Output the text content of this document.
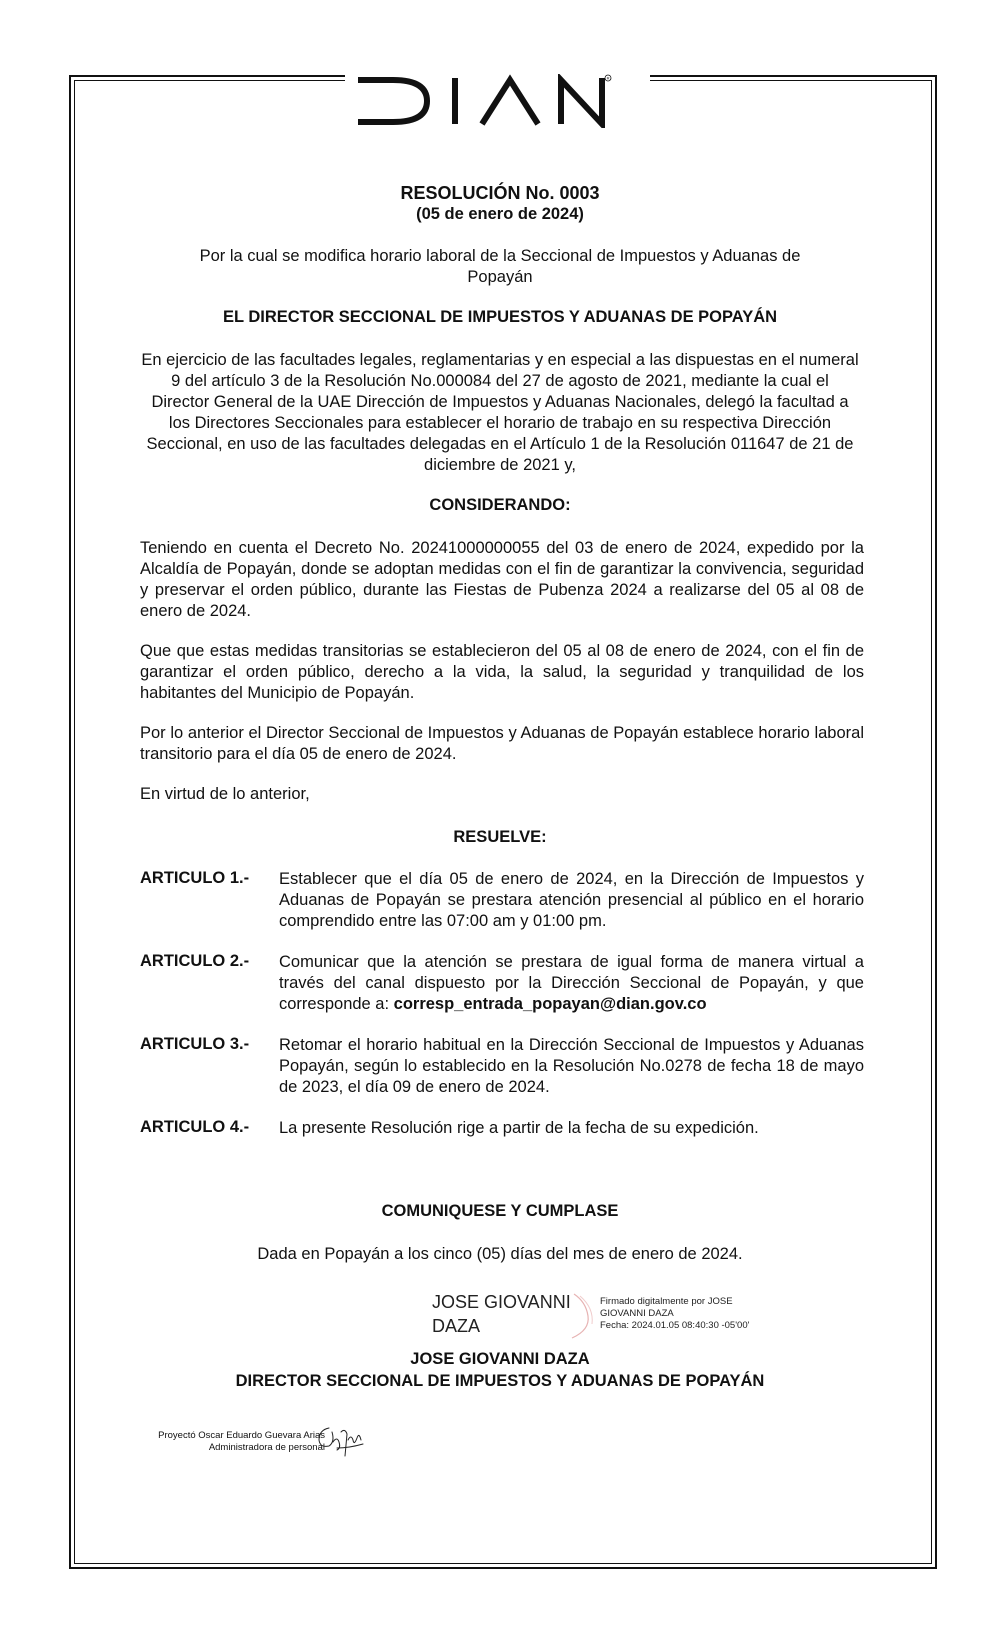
R

RESOLUCIÓN No. 0003

(05 de enero de 2024)

Por la cual se modifica horario laboral de la Seccional de Impuestos y Aduanas de Popayán

EL DIRECTOR SECCIONAL DE IMPUESTOS Y ADUANAS DE POPAYÁN

En ejercicio de las facultades legales, reglamentarias y en especial a las dispuestas en el numeral 9 del artículo 3 de la Resolución No.000084 del 27 de agosto de 2021, mediante la cual el Director General de la UAE Dirección de Impuestos y Aduanas Nacionales, delegó la facultad a los Directores Seccionales para establecer el horario de trabajo en su respectiva Dirección Seccional, en uso de las facultades delegadas en el Artículo 1 de la Resolución 011647 de 21 de diciembre de 2021 y,

CONSIDERANDO:

Teniendo en cuenta el Decreto No. 20241000000055 del 03 de enero de 2024, expedido por la Alcaldía de Popayán, donde se adoptan medidas con el fin de garantizar la convivencia, seguridad y preservar el orden público, durante las Fiestas de Pubenza 2024 a realizarse del 05 al 08 de enero de 2024.

Que que estas medidas transitorias se establecieron del 05 al 08 de enero de 2024, con el fin de garantizar el orden público, derecho a la vida, la salud, la seguridad y tranquilidad de los habitantes del Municipio de Popayán.

Por lo anterior el Director Seccional de Impuestos y Aduanas de Popayán establece horario laboral transitorio para el día 05 de enero de 2024.

En virtud de lo anterior,

RESUELVE:

ARTICULO 1.- Establecer que el día 05 de enero de 2024, en la Dirección de Impuestos y Aduanas de Popayán se prestara atención presencial al público en el horario comprendido entre las 07:00 am y 01:00 pm.

ARTICULO 2.- Comunicar que la atención se prestara de igual forma de manera virtual a través del canal dispuesto por la Dirección Seccional de Popayán, y que corresponde a: corresp_entrada_popayan@dian.gov.co

ARTICULO 3.- Retomar el horario habitual en la Dirección Seccional de Impuestos y Aduanas Popayán, según lo establecido en la Resolución No.0278 de fecha 18 de mayo de 2023, el día 09 de enero de 2024.

ARTICULO 4.- La presente Resolución rige a partir de la fecha de su expedición.

COMUNIQUESE Y CUMPLASE

Dada en Popayán a los cinco (05) días del mes de enero de 2024.

JOSE GIOVANNI
DAZA
Firmado digitalmente por JOSE
GIOVANNI DAZA
Fecha: 2024.01.05 08:40:30 -05'00'

JOSE GIOVANNI DAZA

DIRECTOR SECCIONAL DE IMPUESTOS Y ADUANAS DE POPAYÁN

Proyectó Oscar Eduardo Guevara Arias
Administradora de personal
